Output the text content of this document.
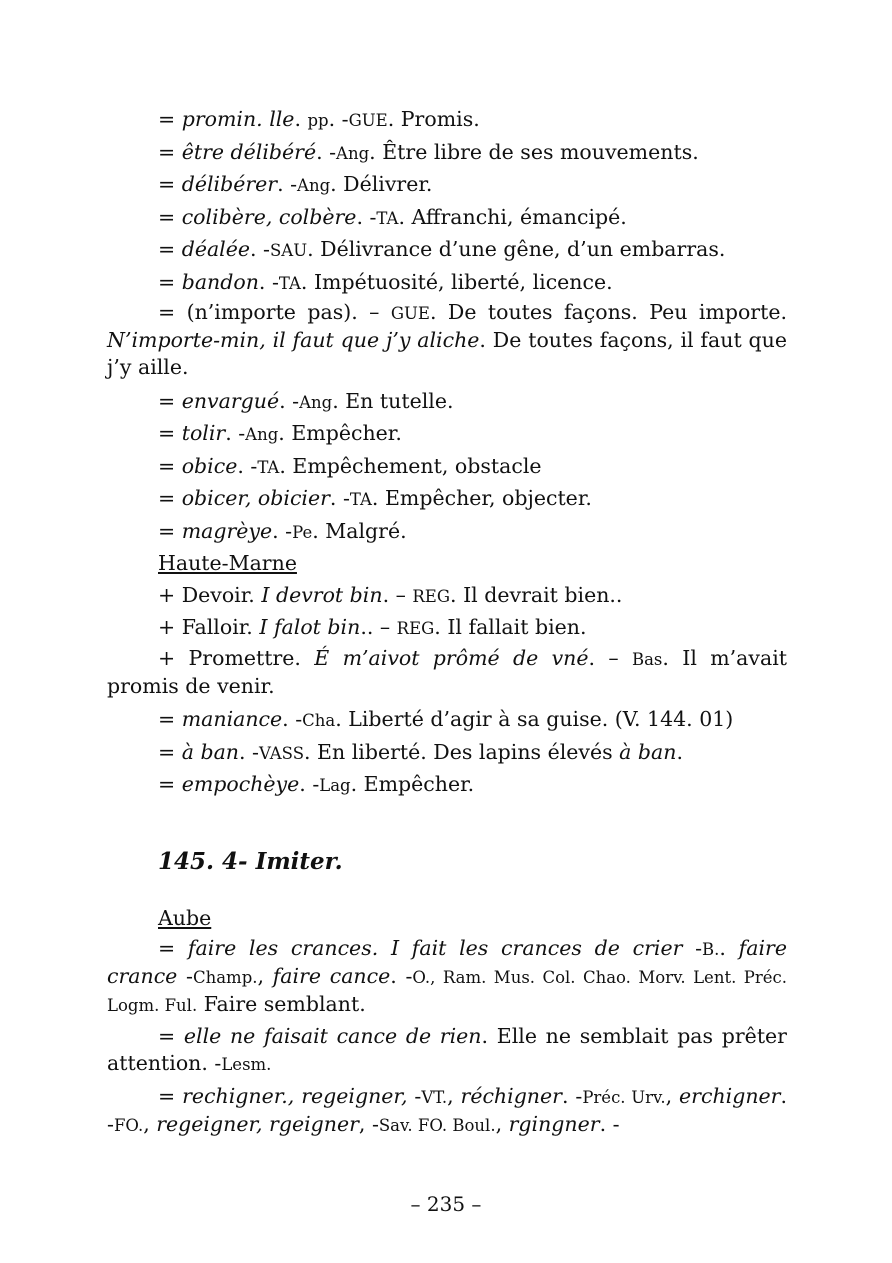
= promin. lle. pp. -GUE. Promis.

= être délibéré. -Ang. Être libre de ses mouvements.

= délibérer. -Ang. Délivrer.

= colibère, colbère. -TA. Affranchi, émancipé.

= déalée. -SAU. Délivrance d’une gêne, d’un embarras.

= bandon. -TA. Impétuosité, liberté, licence.

= (n’importe pas). – GUE. De toutes façons. Peu importe. N’importe-min, il faut que j’y aliche. De toutes façons, il faut que j’y aille.

= envargué. -Ang. En tutelle.

= tolir. -Ang. Empêcher.

= obice. -TA. Empêchement, obstacle

= obicer, obicier. -TA. Empêcher, objecter.

= magrèye. -Pe. Malgré.

Haute-Marne

+ Devoir. I devrot bin. – REG. Il devrait bien..

+ Falloir. I falot bin.. – REG. Il fallait bien.

+ Promettre. É m’aivot prômé de vné. – Bas. Il m’avait promis de venir.

= maniance. -Cha. Liberté d’agir à sa guise. (V. 144. 01)

= à ban. -VASS. En liberté. Des lapins élevés à ban.

= empochèye. -Lag. Empêcher.

145. 4- Imiter.

Aube

= faire les crances. I fait les crances de crier -B.. faire crance -Champ., faire cance. -O., Ram. Mus. Col. Chao. Morv. Lent. Préc. Logm. Ful. Faire semblant.

= elle ne faisait cance de rien. Elle ne semblait pas prêter attention. -Lesm.

= rechigner., regeigner, -VT., réchigner. -Préc. Urv., erchigner. -FO., regeigner, rgeigner, -Sav. FO. Boul., rgingner. -

– 235 –
